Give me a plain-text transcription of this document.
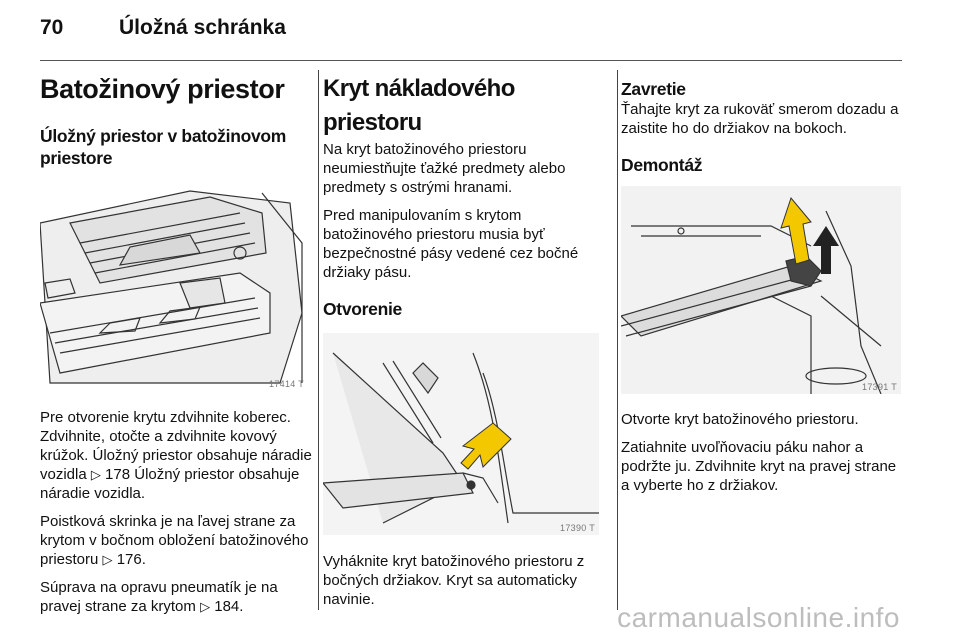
70	Úložná schránka
Batožinový priestor
Úložný priestor v batožinovom priestore
17414 T

Pre otvorenie krytu zdvihnite koberec. Zdvihnite, otočte a zdvihnite kovový krúžok. Úložný priestor obsahuje náradie vozidla ▷ 178 Úložný priestor obsahuje náradie vozidla.

Poistková skrinka je na ľavej strane za krytom v bočnom obložení batožinového priestoru ▷ 176.

Súprava na opravu pneumatík je na pravej strane za krytom ▷ 184.

Kryt nákladového priestoru

Na kryt batožinového priestoru neumiestňujte ťažké predmety alebo predmety s ostrými hranami.

Pred manipulovaním s krytom batožinového priestoru musia byť bezpečnostné pásy vedené cez bočné držiaky pásu.

Otvorenie
17390 T

Vyháknite kryt batožinového priestoru z bočných držiakov. Kryt sa automaticky navinie.

Zavretie

Ťahajte kryt za rukoväť smerom dozadu a zaistite ho do držiakov na bokoch.

Demontáž
17391 T

Otvorte kryt batožinového priestoru.

Zatiahnite uvoľňovaciu páku nahor a podržte ju. Zdvihnite kryt na pravej strane a vyberte ho z držiakov.

carmanualsonline.info
